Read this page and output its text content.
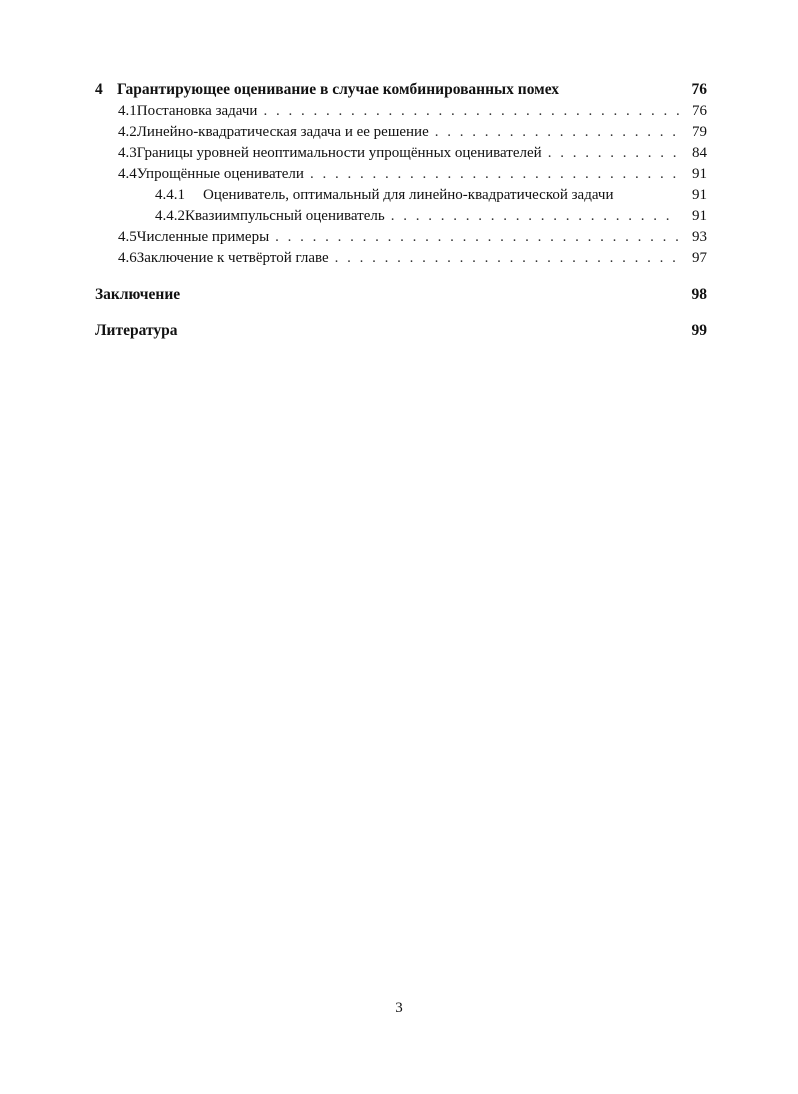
4 Гарантирующее оценивание в случае комбинированных помех	76
4.1 Постановка задачи . . .	76
4.2 Линейно-квадратическая задача и ее решение . . .	79
4.3 Границы уровней неоптимальности упрощённых оценивателей . . .	84
4.4 Упрощённые оцениватели . . .	91
4.4.1	Оцениватель, оптимальный для линейно-квадратической задачи	91
4.4.2 Квазиимпульсный оцениватель . . .	91
4.5 Численные примеры . . .	93
4.6 Заключение к четвёртой главе . . .	97
Заключение	98
Литература	99
3
